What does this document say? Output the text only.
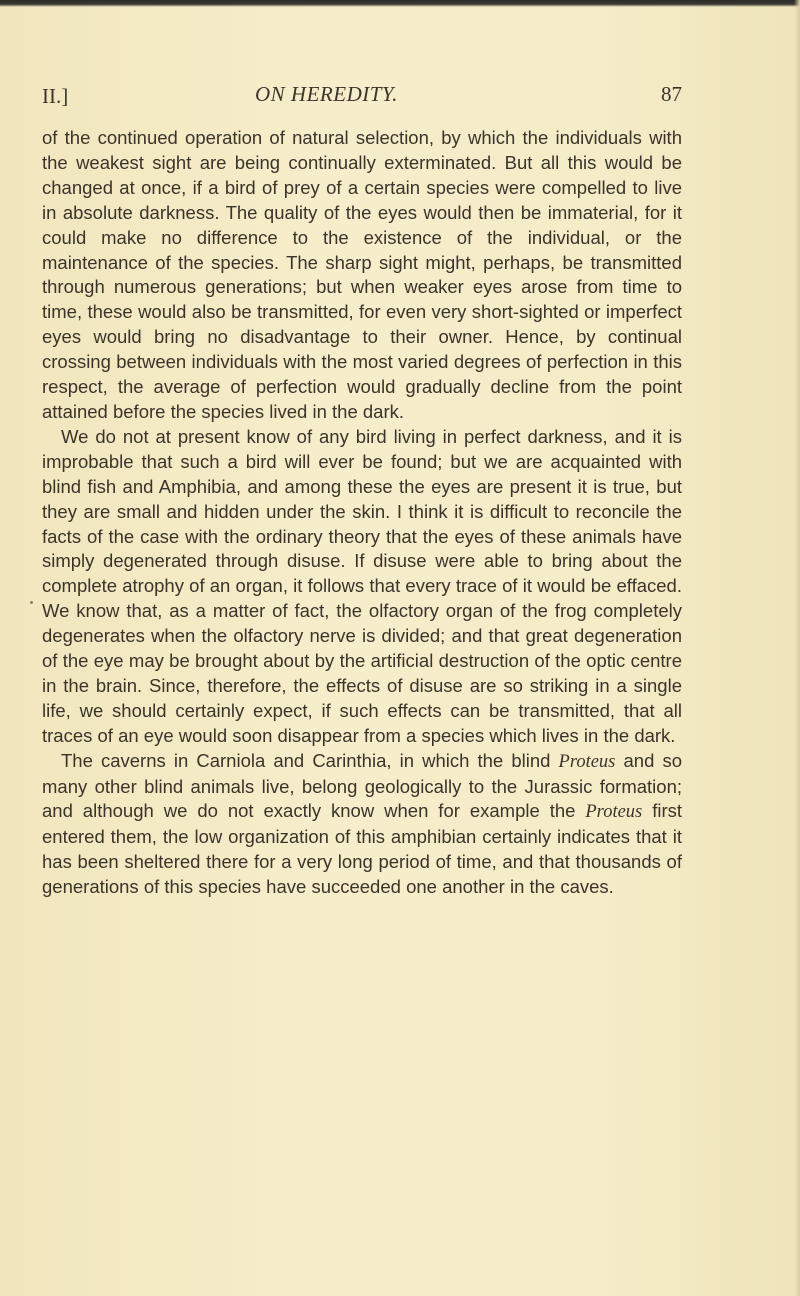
II.]	ON HEREDITY.	87

of the continued operation of natural selection, by which the individuals with the weakest sight are being continually exterminated. But all this would be changed at once, if a bird of prey of a certain species were compelled to live in absolute darkness. The quality of the eyes would then be immaterial, for it could make no difference to the existence of the individual, or the maintenance of the species. The sharp sight might, perhaps, be transmitted through numerous generations; but when weaker eyes arose from time to time, these would also be transmitted, for even very short-sighted or imperfect eyes would bring no disadvantage to their owner. Hence, by continual crossing between individuals with the most varied degrees of perfection in this respect, the average of perfection would gradually decline from the point attained before the species lived in the dark.

We do not at present know of any bird living in perfect darkness, and it is improbable that such a bird will ever be found; but we are acquainted with blind fish and Amphibia, and among these the eyes are present it is true, but they are small and hidden under the skin. I think it is difficult to reconcile the facts of the case with the ordinary theory that the eyes of these animals have simply degenerated through disuse. If disuse were able to bring about the complete atrophy of an organ, it follows that every trace of it would be effaced. We know that, as a matter of fact, the olfactory organ of the frog completely degenerates when the olfactory nerve is divided; and that great degeneration of the eye may be brought about by the artificial destruction of the optic centre in the brain. Since, therefore, the effects of disuse are so striking in a single life, we should certainly expect, if such effects can be transmitted, that all traces of an eye would soon disappear from a species which lives in the dark.

The caverns in Carniola and Carinthia, in which the blind Proteus and so many other blind animals live, belong geologically to the Jurassic formation; and although we do not exactly know when for example the Proteus first entered them, the low organization of this amphibian certainly indicates that it has been sheltered there for a very long period of time, and that thousands of generations of this species have succeeded one another in the caves.
